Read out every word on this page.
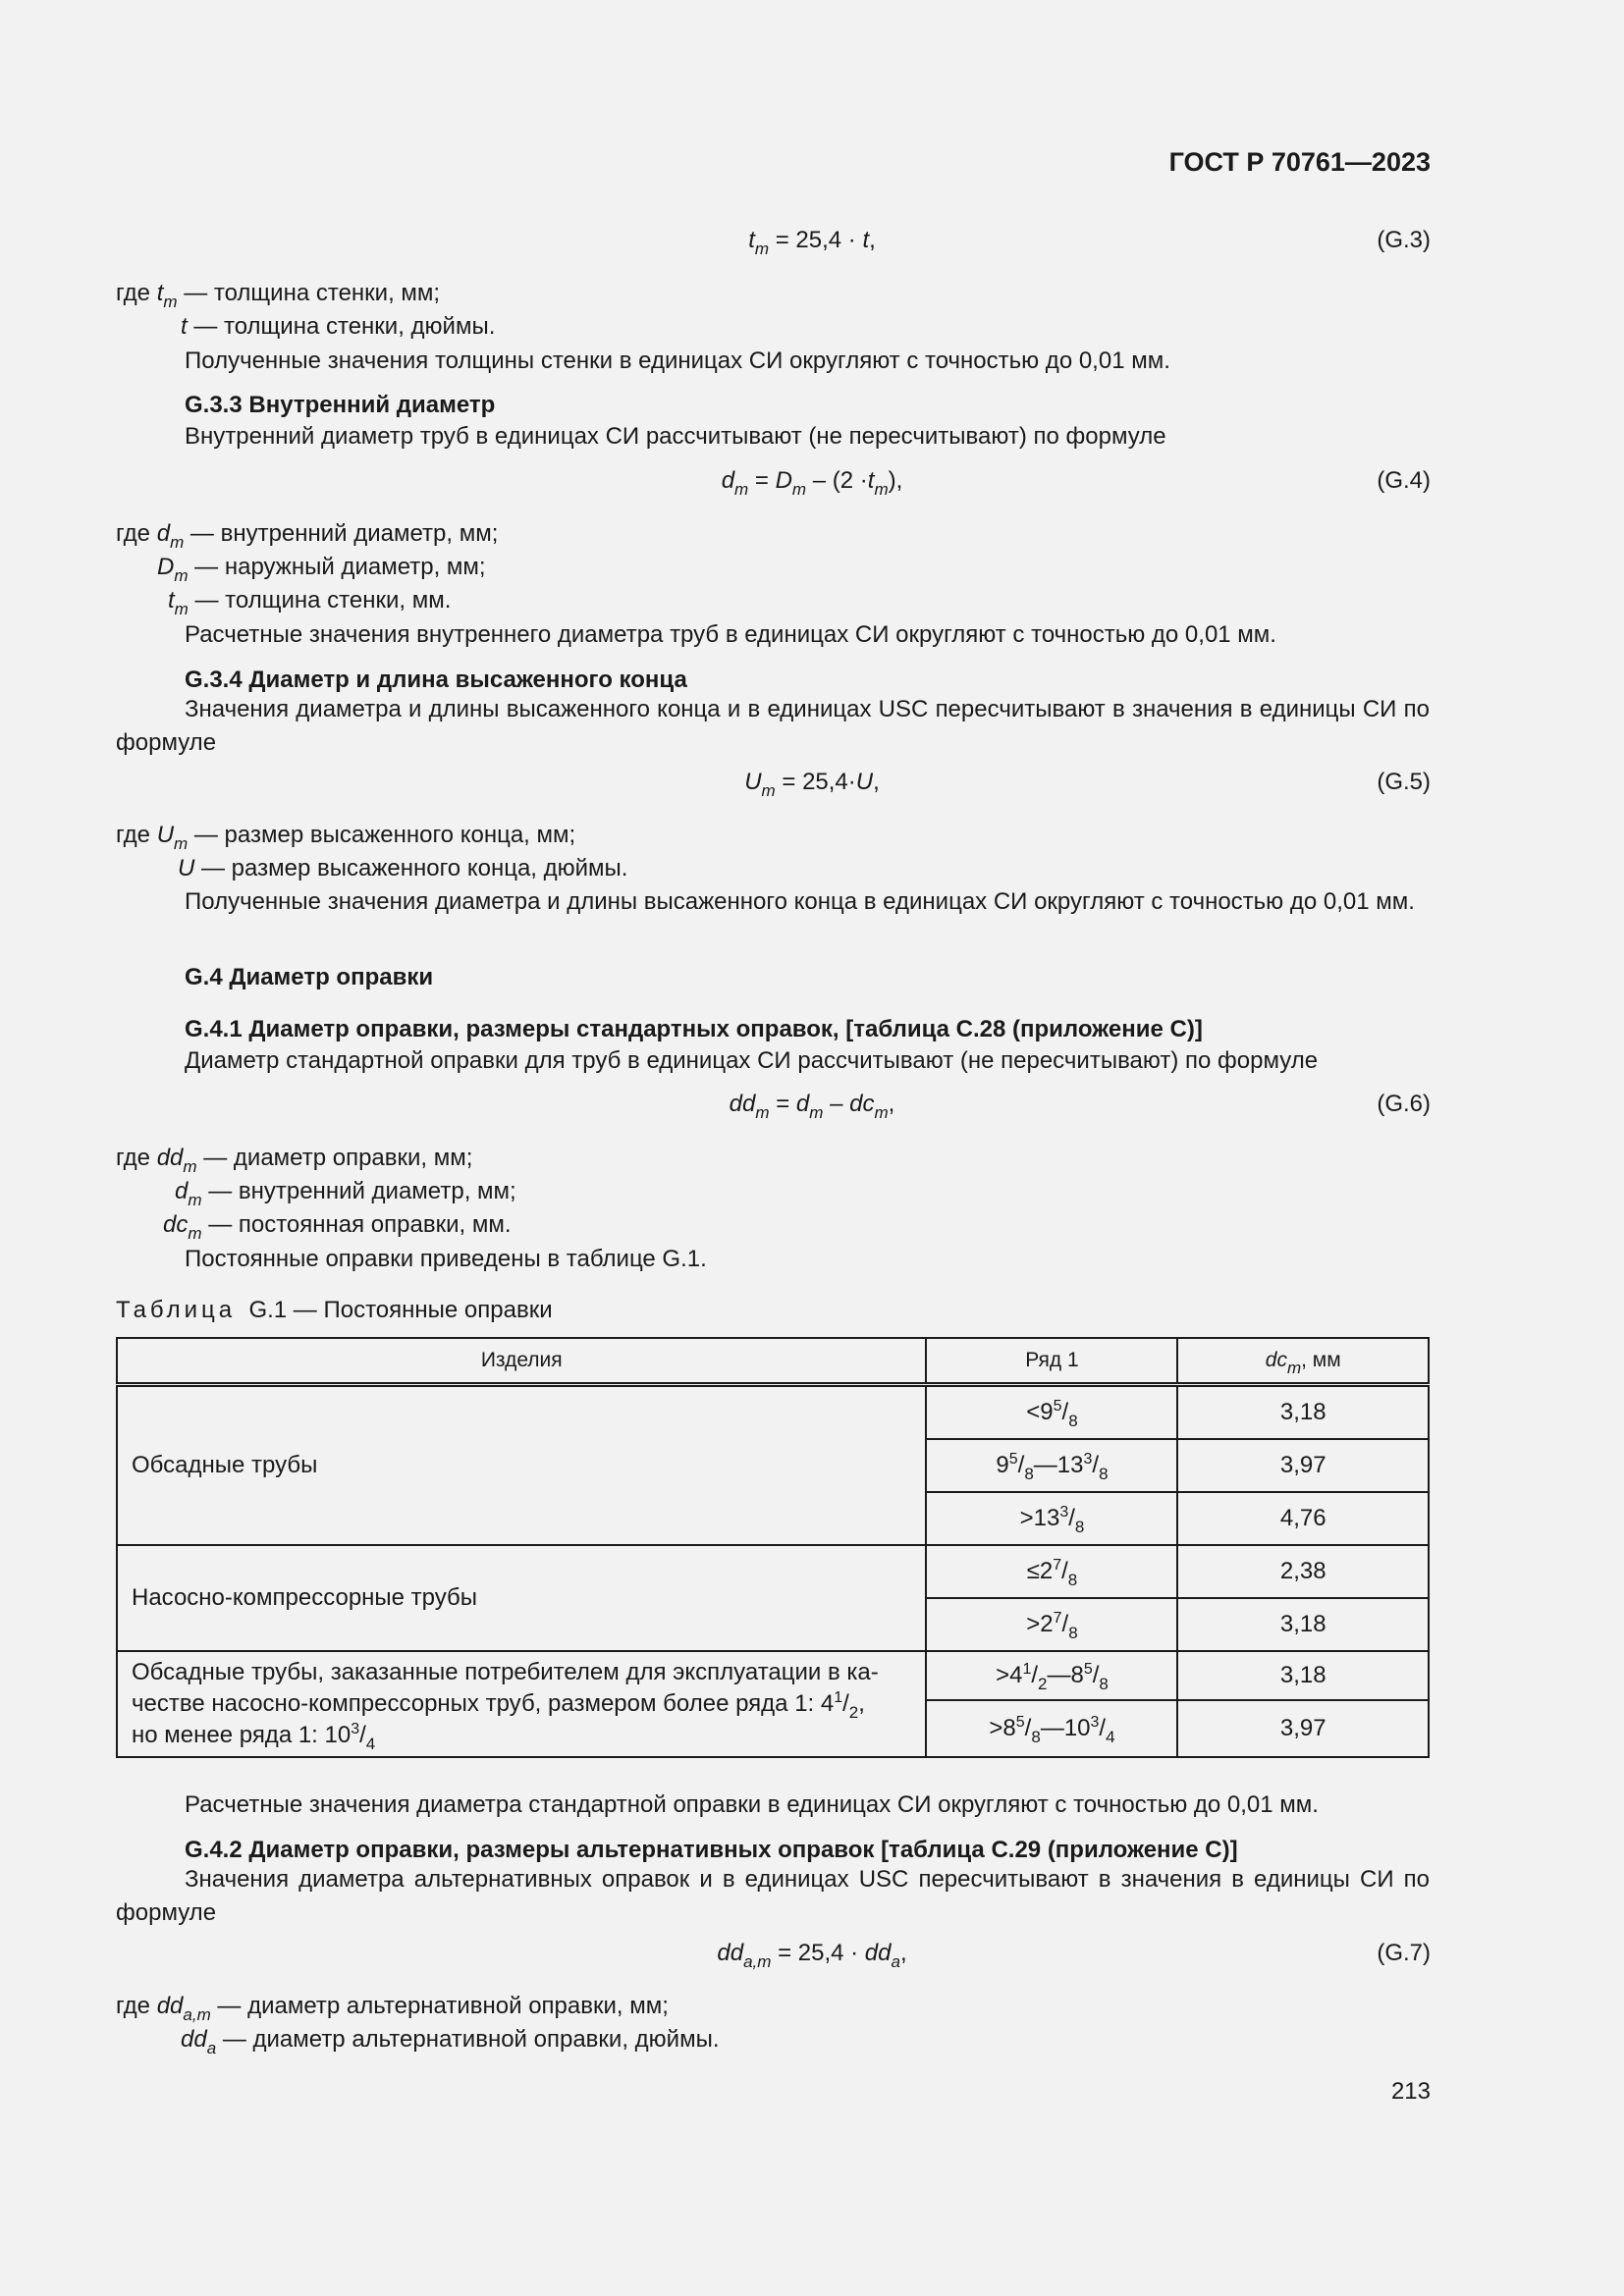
ГОСТ Р 70761—2023
$t_m = 25,4 \cdot t$,	(G.3)
где $t_m$ — толщина стенки, мм;
t — толщина стенки, дюймы.
Полученные значения толщины стенки в единицах СИ округляют с точностью до 0,01 мм.
G.3.3 Внутренний диаметр
Внутренний диаметр труб в единицах СИ рассчитывают (не пересчитывают) по формуле
$d_m = D_m - (2 \cdot t_m)$,	(G.4)
где $d_m$ — внутренний диаметр, мм;
$D_m$ — наружный диаметр, мм;
$t_m$ — толщина стенки, мм.
Расчетные значения внутреннего диаметра труб в единицах СИ округляют с точностью до 0,01 мм.
G.3.4 Диаметр и длина высаженного конца
Значения диаметра и длины высаженного конца и в единицах USC пересчитывают в значения в единицы СИ по формуле
$U_m = 25,4\cdot U$,	(G.5)
где $U_m$ — размер высаженного конца, мм;
U — размер высаженного конца, дюймы.
Полученные значения диаметра и длины высаженного конца в единицах СИ округляют с точностью до 0,01 мм.
G.4 Диаметр оправки
G.4.1 Диаметр оправки, размеры стандартных оправок, [таблица С.28 (приложение С)]
Диаметр стандартной оправки для труб в единицах СИ рассчитывают (не пересчитывают) по формуле
$dd_m = d_m - dc_m$,	(G.6)
где $dd_m$ — диаметр оправки, мм;
$d_m$ — внутренний диаметр, мм;
$dc_m$ — постоянная оправки, мм.
Постоянные оправки приведены в таблице G.1.
Таблица G.1 — Постоянные оправки
Изделия	Ряд 1	$dc_m$, мм
Обсадные трубы	$<9^5/_8$	3,18
	$9^5/_8—13^3/_8$	3,97
	$>13^3/_8$	4,76
Насосно-компрессорные трубы	$\le 2^7/_8$	2,38
	$>2^7/_8$	3,18
Обсадные трубы, заказанные потребителем для эксплуатации в ка-
честве насосно-компрессорных труб, размером более ряда 1: $4^1/_2$,
но менее ряда 1: $10^3/_4$	$>4^1/_2—8^5/_8$	3,18
	$>8^5/_8—10^3/_4$	3,97
Расчетные значения диаметра стандартной оправки в единицах СИ округляют с точностью до 0,01 мм.
G.4.2 Диаметр оправки, размеры альтернативных оправок [таблица С.29 (приложение С)]
Значения диаметра альтернативных оправок и в единицах USC пересчитывают в значения в единицы СИ по формуле
$dd_{a,m} = 25,4 \cdot dd_a$,	(G.7)
где $dd_{a,m}$ — диаметр альтернативной оправки, мм;
$dd_a$ — диаметр альтернативной оправки, дюймы.
213
